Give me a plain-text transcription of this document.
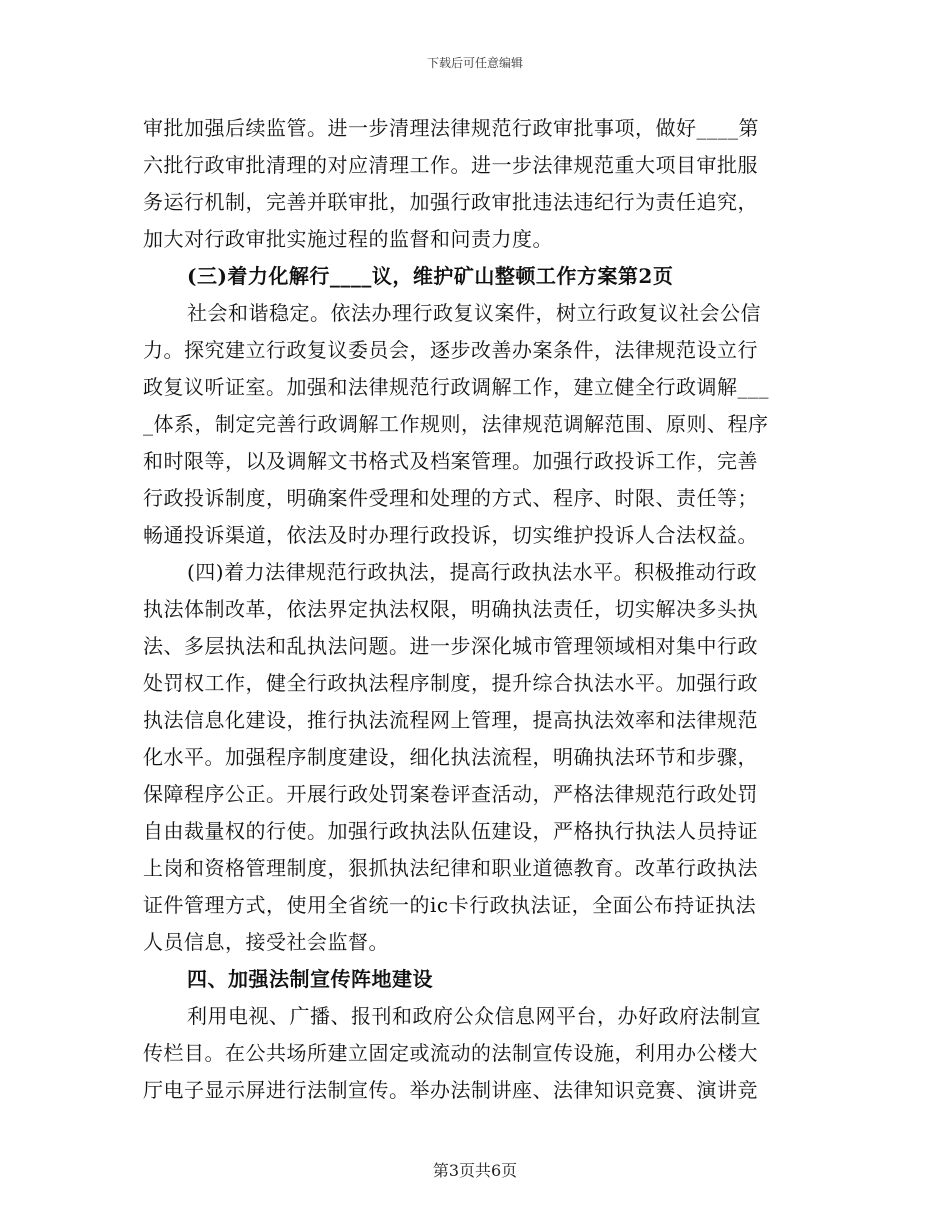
下载后可任意编辑
审批加强后续监管。进一步清理法律规范行政审批事项，做好____第
六批行政审批清理的对应清理工作。进一步法律规范重大项目审批服
务运行机制，完善并联审批，加强行政审批违法违纪行为责任追究，
加大对行政审批实施过程的监督和问责力度。
(三)着力化解行____议，维护矿山整顿工作方案第2页
社会和谐稳定。依法办理行政复议案件，树立行政复议社会公信
力。探究建立行政复议委员会，逐步改善办案条件，法律规范设立行
政复议听证室。加强和法律规范行政调解工作，建立健全行政调解___
_体系，制定完善行政调解工作规则，法律规范调解范围、原则、程序
和时限等，以及调解文书格式及档案管理。加强行政投诉工作，完善
行政投诉制度，明确案件受理和处理的方式、程序、时限、责任等；
畅通投诉渠道，依法及时办理行政投诉，切实维护投诉人合法权益。
(四)着力法律规范行政执法，提高行政执法水平。积极推动行政
执法体制改革，依法界定执法权限，明确执法责任，切实解决多头执
法、多层执法和乱执法问题。进一步深化城市管理领域相对集中行政
处罚权工作，健全行政执法程序制度，提升综合执法水平。加强行政
执法信息化建设，推行执法流程网上管理，提高执法效率和法律规范
化水平。加强程序制度建设，细化执法流程，明确执法环节和步骤，
保障程序公正。开展行政处罚案卷评查活动，严格法律规范行政处罚
自由裁量权的行使。加强行政执法队伍建设，严格执行执法人员持证
上岗和资格管理制度，狠抓执法纪律和职业道德教育。改革行政执法
证件管理方式，使用全省统一的ic卡行政执法证，全面公布持证执法
人员信息，接受社会监督。
四、加强法制宣传阵地建设
利用电视、广播、报刊和政府公众信息网平台，办好政府法制宣
传栏目。在公共场所建立固定或流动的法制宣传设施，利用办公楼大
厅电子显示屏进行法制宣传。举办法制讲座、法律知识竞赛、演讲竞
第3页共6页
